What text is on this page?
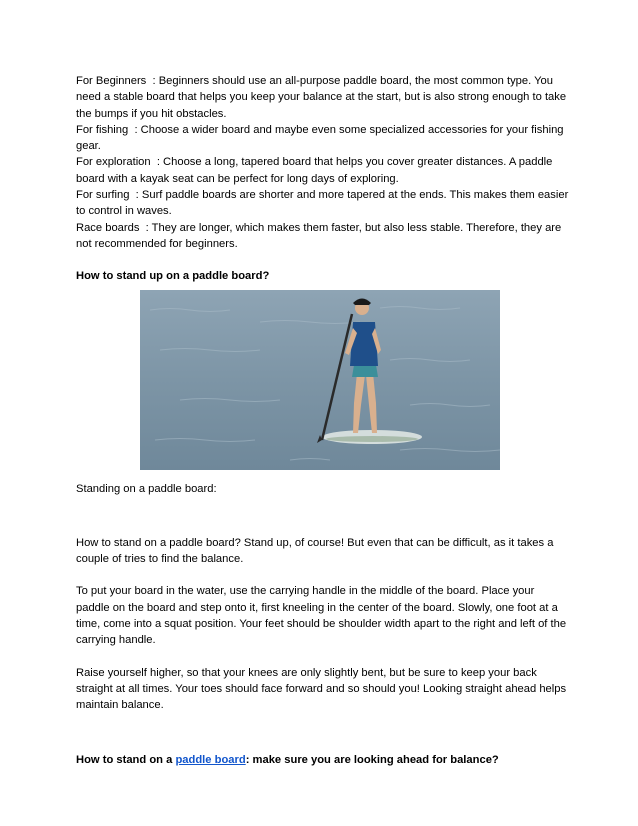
For Beginners  : Beginners should use an all-purpose paddle board, the most common type. You need a stable board that helps you keep your balance at the start, but is also strong enough to take the bumps if you hit obstacles.

For fishing  : Choose a wider board and maybe even some specialized accessories for your fishing gear.

For exploration  : Choose a long, tapered board that helps you cover greater distances. A paddle board with a kayak seat can be perfect for long days of exploring.

For surfing  : Surf paddle boards are shorter and more tapered at the ends. This makes them easier to control in waves.

Race boards  : They are longer, which makes them faster, but also less stable. Therefore, they are not recommended for beginners.

How to stand up on a paddle board?

Standing on a paddle board:

How to stand on a paddle board? Stand up, of course! But even that can be difficult, as it takes a couple of tries to find the balance.

To put your board in the water, use the carrying handle in the middle of the board. Place your paddle on the board and step onto it, first kneeling in the center of the board. Slowly, one foot at a time, come into a squat position. Your feet should be shoulder width apart to the right and left of the carrying handle.

Raise yourself higher, so that your knees are only slightly bent, but be sure to keep your back straight at all times. Your toes should face forward and so should you! Looking straight ahead helps maintain balance.

How to stand on a paddle board: make sure you are looking ahead for balance?
